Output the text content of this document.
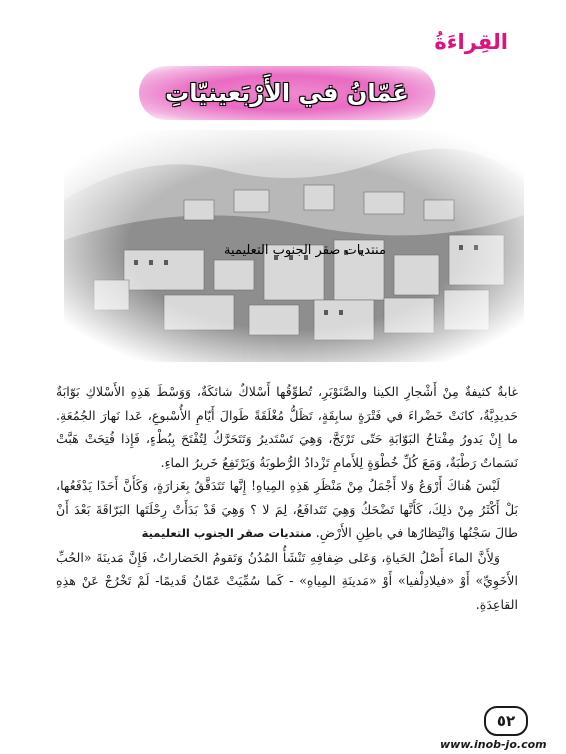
القِراءَةُ
عَمّانُ في الأَرْبَعينيّاتِ
منتديات صقر الجنوب التعليمية

غابةٌ كثيفةٌ مِنْ أَشْجارِ الكينا والصَّنَوْبَرِ، تُطوِّقُها أَسْلاكٌ شائكَةٌ، وَوَسْطَ هَذِهِ الأَسْلاكِ بَوّابَةٌ حَديدِيَّةٌ، كانَتْ خَضْراءَ في فَتْرَةٍ سابِقَةٍ، تَظَلُّ مُغْلَقَةً طَوالَ أَيّامِ الأُسْبوعِ، عَدا نَهارَ الجُمُعَةِ. ما إِنْ يَدورُ مِفْتاحُ البَوّابَةِ حَتّى تَرْتَجَّ، وَهِيَ تَسْتَديرُ وَتَتَحَرَّكُ لِتُفْتَحَ بِبُطْءٍ، فَإِذا فُتِحَتْ هَبَّتْ نَسَماتٌ رَطْبَةٌ، وَمَعَ كُلِّ خُطْوَةٍ لِلأَمامِ تَزْدادُ الرُّطوبَةُ وَيَرْتَفِعُ خَريرُ الماءِ.

لَيْسَ هُناكَ أَرْوَعُ وَلا أَجْمَلُ مِنْ مَنْظَرِ هَذِهِ المِياهِ! إِنَّها تَتَدَفَّقُ بِغَزارَةٍ، وَكَأَنَّ أَحَدًا يَدْفَعُها، بَلْ أَكْثَرُ مِنْ ذلِكَ، كَأَنَّها تَضْحَكُ وَهِيَ تَتَدافَعُ، لِمَ لا ؟ وَهِيَ قَدْ بَدَأَتْ رِحْلَتَها البَرّاقَةَ بَعْدَ أَنْ طالَ سَجْنُها وَانْتِظارُها في باطِنِ الأَرْضِ. منتديات صقر الجنوب التعليمية

وَلِأَنَّ الماءَ أَصْلُ الحَياةِ، وَعَلى ضِفافِهِ تَنْشَأُ المُدُنُ وَتَقومُ الحَضاراتُ، فَإِنَّ مَدينَةَ «الحُبِّ الأَخَوِيِّ» أَوْ «فيلادِلْفيا» أَوْ «مَدينَةِ المِياهِ» - كَما سُمِّيَتْ عَمّانُ قَديمًا- لَمْ تَخْرُجْ عَنْ هذِهِ القاعِدَةِ.

٥٢
www.inob-jo.com
